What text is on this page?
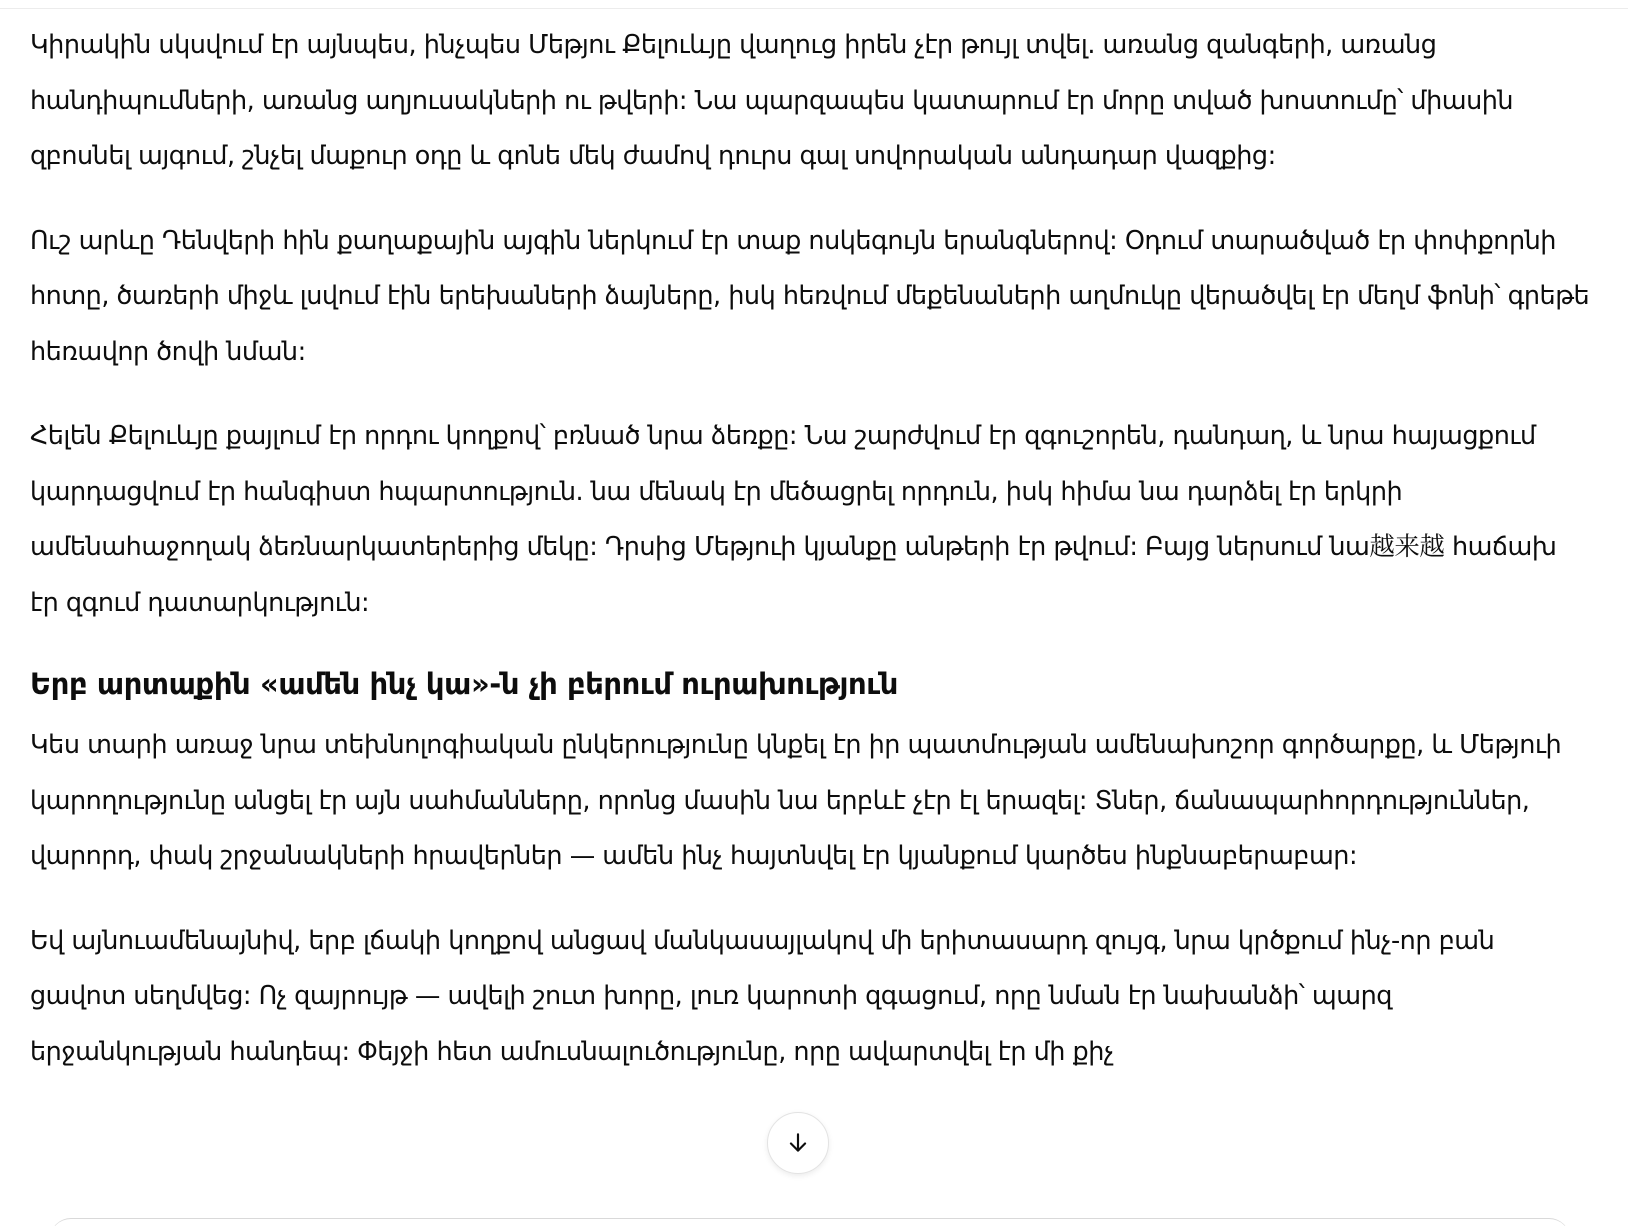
Կիրակին սկսվում էր այնպես, ինչպես Մեթյու Քելուևյը վաղուց իրեն չէր թույլ տվել. առանց զանգերի, առանց հանդիպումների, առանց աղյուսակների ու թվերի: Նա պարզապես կատարում էր մորը տված խոստումը՝ միասին զբոսնել այգում, շնչել մաքուր օդը և գոնե մեկ ժամով դուրս գալ սովորական անդադար վազքից:

Ուշ արևը Դենվերի հին քաղաքային այգին ներկում էր տաք ոսկեգույն երանգներով: Օդում տարածված էր փոփքորնի հոտը, ծառերի միջև լսվում էին երեխաների ձայները, իսկ հեռվում մեքենաների աղմուկը վերածվել էր մեղմ ֆոնի՝ գրեթե հեռավոր ծովի նման:

Հելեն Քելուևյը քայլում էր որդու կողքով՝ բռնած նրա ձեռքը: Նա շարժվում էր զգուշորեն, դանդաղ, և նրա հայացքում կարդացվում էր հանգիստ հպարտություն. նա մենակ էր մեծացրել որդուն, իսկ հիմա նա դարձել էր երկրի ամենահաջողակ ձեռնարկատերերից մեկը: Դրսից Մեթյուի կյանքը անթերի էր թվում: Բայց ներսում նա越来越 հաճախ էր զգում դատարկություն:

Երբ արտաքին «ամեն ինչ կա»-ն չի բերում ուրախություն

Կես տարի առաջ նրա տեխնոլոգիական ընկերությունը կնքել էր իր պատմության ամենախոշոր գործարքը, և Մեթյուի կարողությունը անցել էր այն սահմանները, որոնց մասին նա երբևէ չէր էլ երազել: Տներ, ճանապարհորդություններ, վարորդ, փակ շրջանակների հրավերներ — ամեն ինչ հայտնվել էր կյանքում կարծես ինքնաբերաբար:

Եվ այնուամենայնիվ, երբ լճակի կողքով անցավ մանկասայլակով մի երիտասարդ զույգ, նրա կրծքում ինչ-որ բան ցավոտ սեղմվեց: Ոչ զայրույթ — ավելի շուտ խորը, լուռ կարոտի զգացում, որը նման էր նախանձի՝ պարզ երջանկության հանդեպ: Փեյջի հետ ամուսնալուծությունը, որը ավարտվել էր մի քիչ
